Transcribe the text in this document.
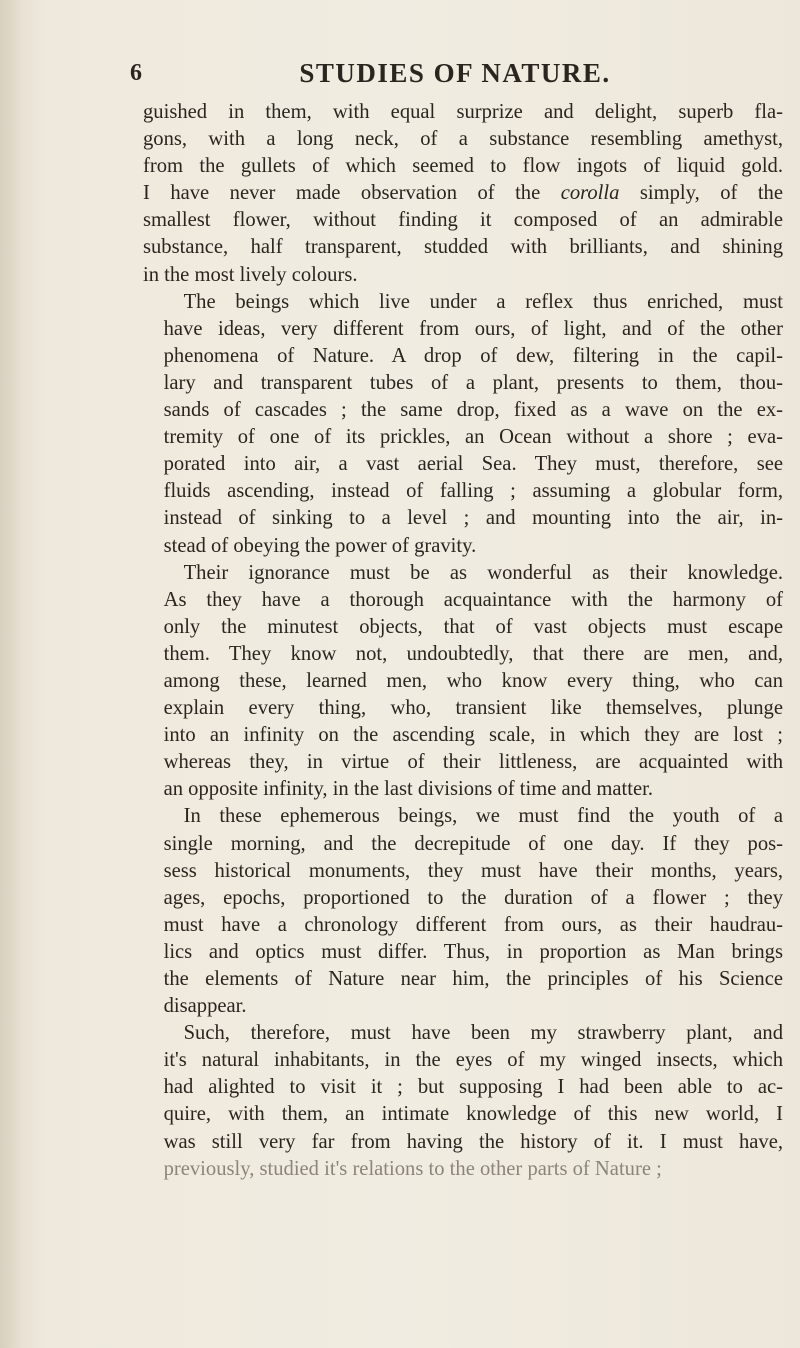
6	STUDIES OF NATURE.
guished in them, with equal surprize and delight, superb fla-
gons, with a long neck, of a substance resembling amethyst,
from the gullets of which seemed to flow ingots of liquid gold.
I have never made observation of the corolla simply, of the
smallest flower, without finding it composed of an admirable
substance, half transparent, studded with brilliants, and shining
in the most lively colours.
The beings which live under a reflex thus enriched, must
have ideas, very different from ours, of light, and of the other
phenomena of Nature. A drop of dew, filtering in the capil-
lary and transparent tubes of a plant, presents to them, thou-
sands of cascades ; the same drop, fixed as a wave on the ex-
tremity of one of its prickles, an Ocean without a shore ; eva-
porated into air, a vast aerial Sea. They must, therefore, see
fluids ascending, instead of falling ; assuming a globular form,
instead of sinking to a level ; and mounting into the air, in-
stead of obeying the power of gravity.
Their ignorance must be as wonderful as their knowledge.
As they have a thorough acquaintance with the harmony of
only the minutest objects, that of vast objects must escape
them. They know not, undoubtedly, that there are men, and,
among these, learned men, who know every thing, who can
explain every thing, who, transient like themselves, plunge
into an infinity on the ascending scale, in which they are lost ;
whereas they, in virtue of their littleness, are acquainted with
an opposite infinity, in the last divisions of time and matter.
In these ephemerous beings, we must find the youth of a
single morning, and the decrepitude of one day. If they pos-
sess historical monuments, they must have their months, years,
ages, epochs, proportioned to the duration of a flower ; they
must have a chronology different from ours, as their haudrau-
lics and optics must differ. Thus, in proportion as Man brings
the elements of Nature near him, the principles of his Science
disappear.
Such, therefore, must have been my strawberry plant, and
it's natural inhabitants, in the eyes of my winged insects, which
had alighted to visit it ; but supposing I had been able to ac-
quire, with them, an intimate knowledge of this new world, I
was still very far from having the history of it. I must have,
previously, studied it's relations to the other parts of Nature ;
